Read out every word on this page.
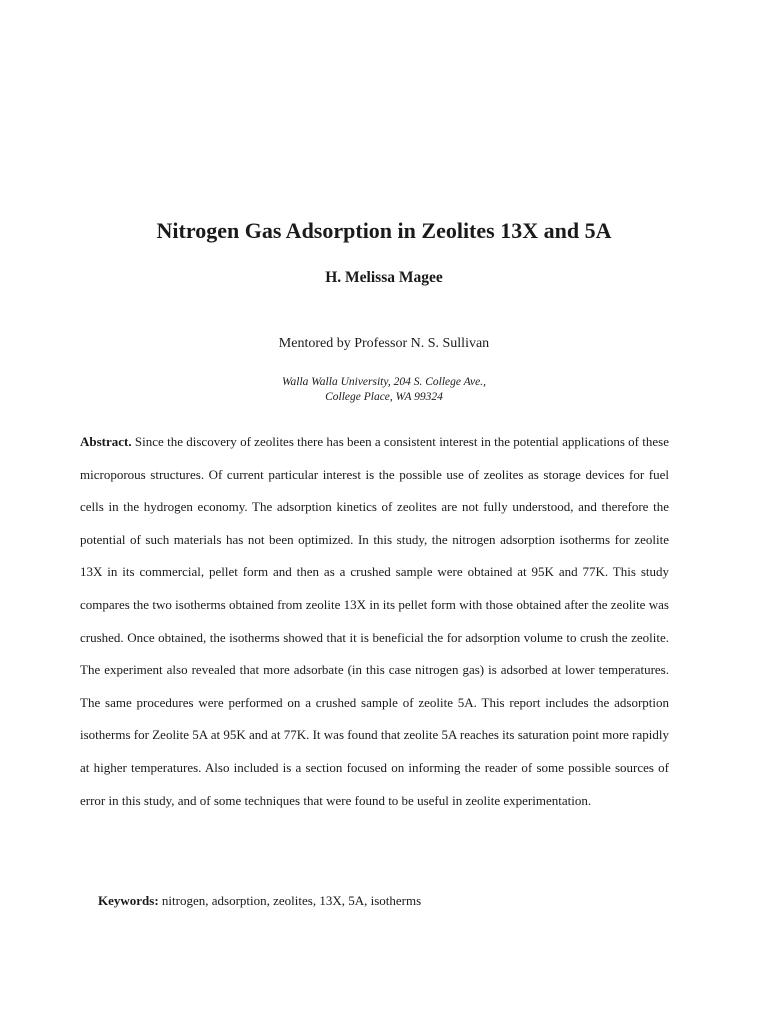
Nitrogen Gas Adsorption in Zeolites 13X and 5A

H. Melissa Magee

Mentored by Professor N. S. Sullivan

Walla Walla University, 204 S. College Ave.,
College Place, WA 99324

Abstract. Since the discovery of zeolites there has been a consistent interest in the potential applications of these microporous structures. Of current particular interest is the possible use of zeolites as storage devices for fuel cells in the hydrogen economy. The adsorption kinetics of zeolites are not fully understood, and therefore the potential of such materials has not been optimized. In this study, the nitrogen adsorption isotherms for zeolite 13X in its commercial, pellet form and then as a crushed sample were obtained at 95K and 77K. This study compares the two isotherms obtained from zeolite 13X in its pellet form with those obtained after the zeolite was crushed. Once obtained, the isotherms showed that it is beneficial the for adsorption volume to crush the zeolite. The experiment also revealed that more adsorbate (in this case nitrogen gas) is adsorbed at lower temperatures. The same procedures were performed on a crushed sample of zeolite 5A. This report includes the adsorption isotherms for Zeolite 5A at 95K and at 77K. It was found that zeolite 5A reaches its saturation point more rapidly at higher temperatures. Also included is a section focused on informing the reader of some possible sources of error in this study, and of some techniques that were found to be useful in zeolite experimentation.

Keywords: nitrogen, adsorption, zeolites, 13X, 5A, isotherms
